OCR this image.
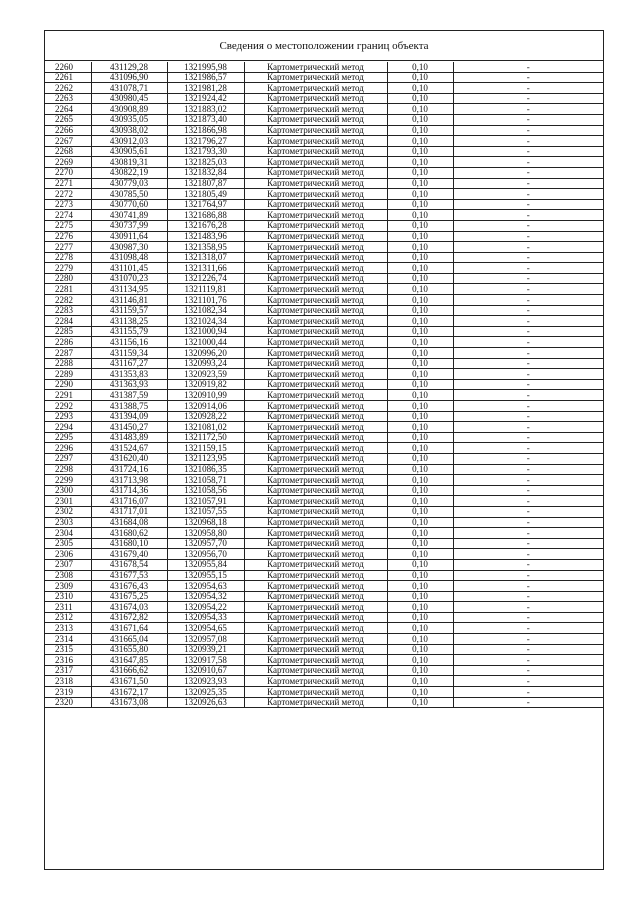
Сведения о местоположении границ объекта
2260	431129,28	1321995,98	Картометрический метод	0,10	-
2261	431096,90	1321986,57	Картометрический метод	0,10	-
2262	431078,71	1321981,28	Картометрический метод	0,10	-
2263	430980,45	1321924,42	Картометрический метод	0,10	-
2264	430908,89	1321883,02	Картометрический метод	0,10	-
2265	430935,05	1321873,40	Картометрический метод	0,10	-
2266	430938,02	1321866,98	Картометрический метод	0,10	-
2267	430912,03	1321796,27	Картометрический метод	0,10	-
2268	430905,61	1321793,30	Картометрический метод	0,10	-
2269	430819,31	1321825,03	Картометрический метод	0,10	-
2270	430822,19	1321832,84	Картометрический метод	0,10	-
2271	430779,03	1321807,87	Картометрический метод	0,10	-
2272	430785,50	1321805,49	Картометрический метод	0,10	-
2273	430770,60	1321764,97	Картометрический метод	0,10	-
2274	430741,89	1321686,88	Картометрический метод	0,10	-
2275	430737,99	1321676,28	Картометрический метод	0,10	-
2276	430911,64	1321483,96	Картометрический метод	0,10	-
2277	430987,30	1321358,95	Картометрический метод	0,10	-
2278	431098,48	1321318,07	Картометрический метод	0,10	-
2279	431101,45	1321311,66	Картометрический метод	0,10	-
2280	431070,23	1321226,74	Картометрический метод	0,10	-
2281	431134,95	1321119,81	Картометрический метод	0,10	-
2282	431146,81	1321101,76	Картометрический метод	0,10	-
2283	431159,57	1321082,34	Картометрический метод	0,10	-
2284	431138,25	1321024,34	Картометрический метод	0,10	-
2285	431155,79	1321000,94	Картометрический метод	0,10	-
2286	431156,16	1321000,44	Картометрический метод	0,10	-
2287	431159,34	1320996,20	Картометрический метод	0,10	-
2288	431167,27	1320993,24	Картометрический метод	0,10	-
2289	431353,83	1320923,59	Картометрический метод	0,10	-
2290	431363,93	1320919,82	Картометрический метод	0,10	-
2291	431387,59	1320910,99	Картометрический метод	0,10	-
2292	431388,75	1320914,06	Картометрический метод	0,10	-
2293	431394,09	1320928,22	Картометрический метод	0,10	-
2294	431450,27	1321081,02	Картометрический метод	0,10	-
2295	431483,89	1321172,50	Картометрический метод	0,10	-
2296	431524,67	1321159,15	Картометрический метод	0,10	-
2297	431620,40	1321123,95	Картометрический метод	0,10	-
2298	431724,16	1321086,35	Картометрический метод	0,10	-
2299	431713,98	1321058,71	Картометрический метод	0,10	-
2300	431714,36	1321058,56	Картометрический метод	0,10	-
2301	431716,07	1321057,91	Картометрический метод	0,10	-
2302	431717,01	1321057,55	Картометрический метод	0,10	-
2303	431684,08	1320968,18	Картометрический метод	0,10	-
2304	431680,62	1320958,80	Картометрический метод	0,10	-
2305	431680,10	1320957,70	Картометрический метод	0,10	-
2306	431679,40	1320956,70	Картометрический метод	0,10	-
2307	431678,54	1320955,84	Картометрический метод	0,10	-
2308	431677,53	1320955,15	Картометрический метод	0,10	-
2309	431676,43	1320954,63	Картометрический метод	0,10	-
2310	431675,25	1320954,32	Картометрический метод	0,10	-
2311	431674,03	1320954,22	Картометрический метод	0,10	-
2312	431672,82	1320954,33	Картометрический метод	0,10	-
2313	431671,64	1320954,65	Картометрический метод	0,10	-
2314	431665,04	1320957,08	Картометрический метод	0,10	-
2315	431655,80	1320939,21	Картометрический метод	0,10	-
2316	431647,85	1320917,58	Картометрический метод	0,10	-
2317	431666,62	1320910,67	Картометрический метод	0,10	-
2318	431671,50	1320923,93	Картометрический метод	0,10	-
2319	431672,17	1320925,35	Картометрический метод	0,10	-
2320	431673,08	1320926,63	Картометрический метод	0,10	-
